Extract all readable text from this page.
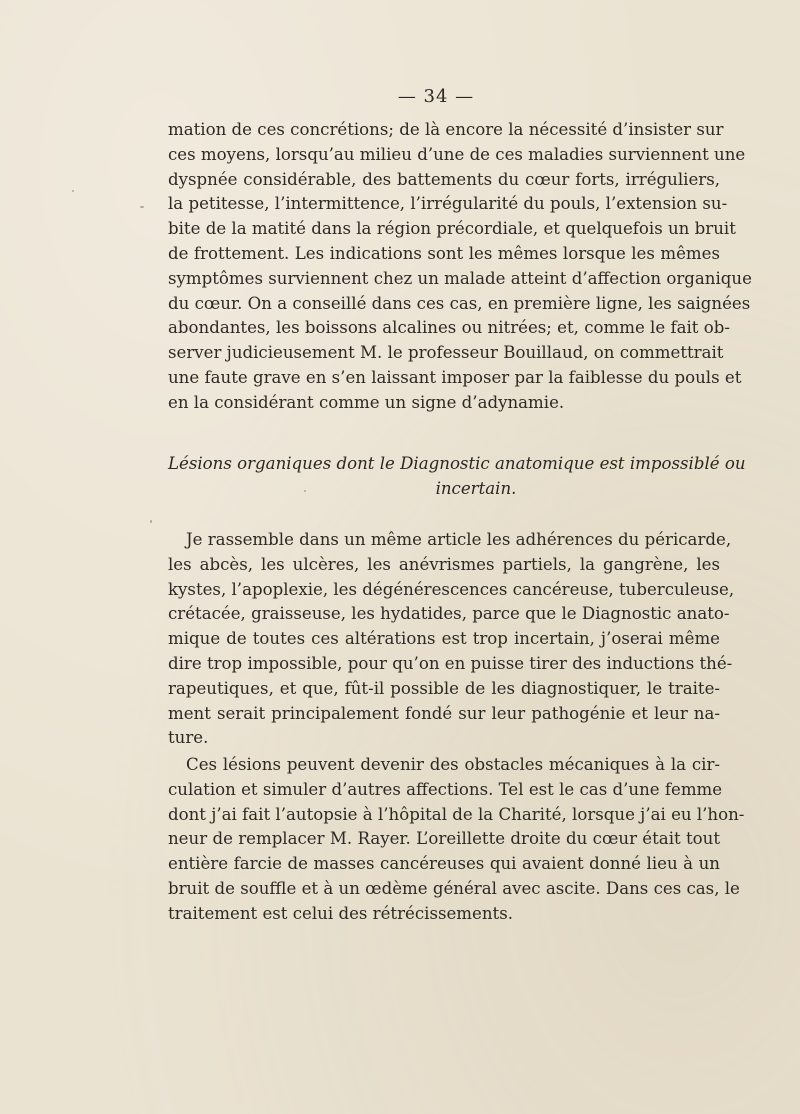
— 34 —
mation de ces concrétions; de là encore la nécessité d’insister sur
ces moyens, lorsqu’au milieu d’une de ces maladies surviennent une
dyspnée considérable, des battements du cœur forts, irréguliers,
la petitesse, l’intermittence, l’irrégularité du pouls, l’extension su-
bite de la matité dans la région précordiale, et quelquefois un bruit
de frottement. Les indications sont les mêmes lorsque les mêmes
symptômes surviennent chez un malade atteint d’affection organique
du cœur. On a conseillé dans ces cas, en première ligne, les saignées
abondantes, les boissons alcalines ou nitrées; et, comme le fait ob-
server judicieusement M. le professeur Bouillaud, on commettrait
une faute grave en s’en laissant imposer par la faiblesse du pouls et
en la considérant comme un signe d’adynamie.
Lésions organiques dont le Diagnostic anatomique est impossiblé ou
incertain.
Je rassemble dans un même article les adhérences du péricarde,
les abcès, les ulcères, les anévrismes partiels, la gangrène, les
kystes, l’apoplexie, les dégénérescences cancéreuse, tuberculeuse,
crétacée, graisseuse, les hydatides, parce que le Diagnostic anato-
mique de toutes ces altérations est trop incertain, j’oserai même
dire trop impossible, pour qu’on en puisse tirer des inductions thé-
rapeutiques, et que, fût-il possible de les diagnostiquer, le traite-
ment serait principalement fondé sur leur pathogénie et leur na-
ture.
Ces lésions peuvent devenir des obstacles mécaniques à la cir-
culation et simuler d’autres affections. Tel est le cas d’une femme
dont j’ai fait l’autopsie à l’hôpital de la Charité, lorsque j’ai eu l’hon-
neur de remplacer M. Rayer. L’oreillette droite du cœur était tout
entière farcie de masses cancéreuses qui avaient donné lieu à un
bruit de souffle et à un œdème général avec ascite. Dans ces cas, le
traitement est celui des rétrécissements.
